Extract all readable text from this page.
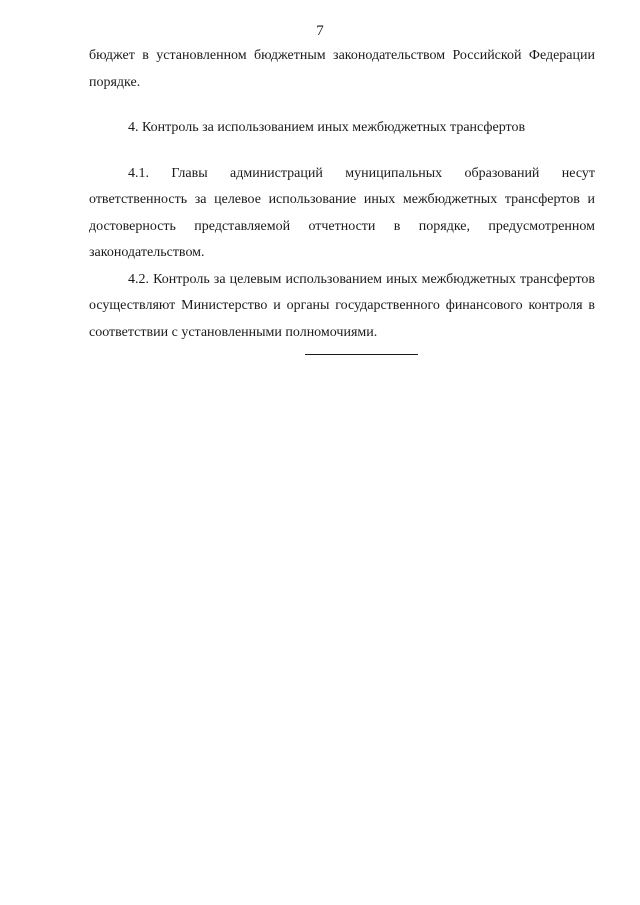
7

бюджет в установленном бюджетным законодательством Российской Федерации порядке.

4. Контроль за использованием иных межбюджетных трансфертов

4.1. Главы администраций муниципальных образований несут ответственность за целевое использование иных межбюджетных трансфертов и достоверность представляемой отчетности в порядке, предусмотренном законодательством.

4.2. Контроль за целевым использованием иных межбюджетных трансфертов осуществляют Министерство и органы государственного финансового контроля в соответствии с установленными полномочиями.
